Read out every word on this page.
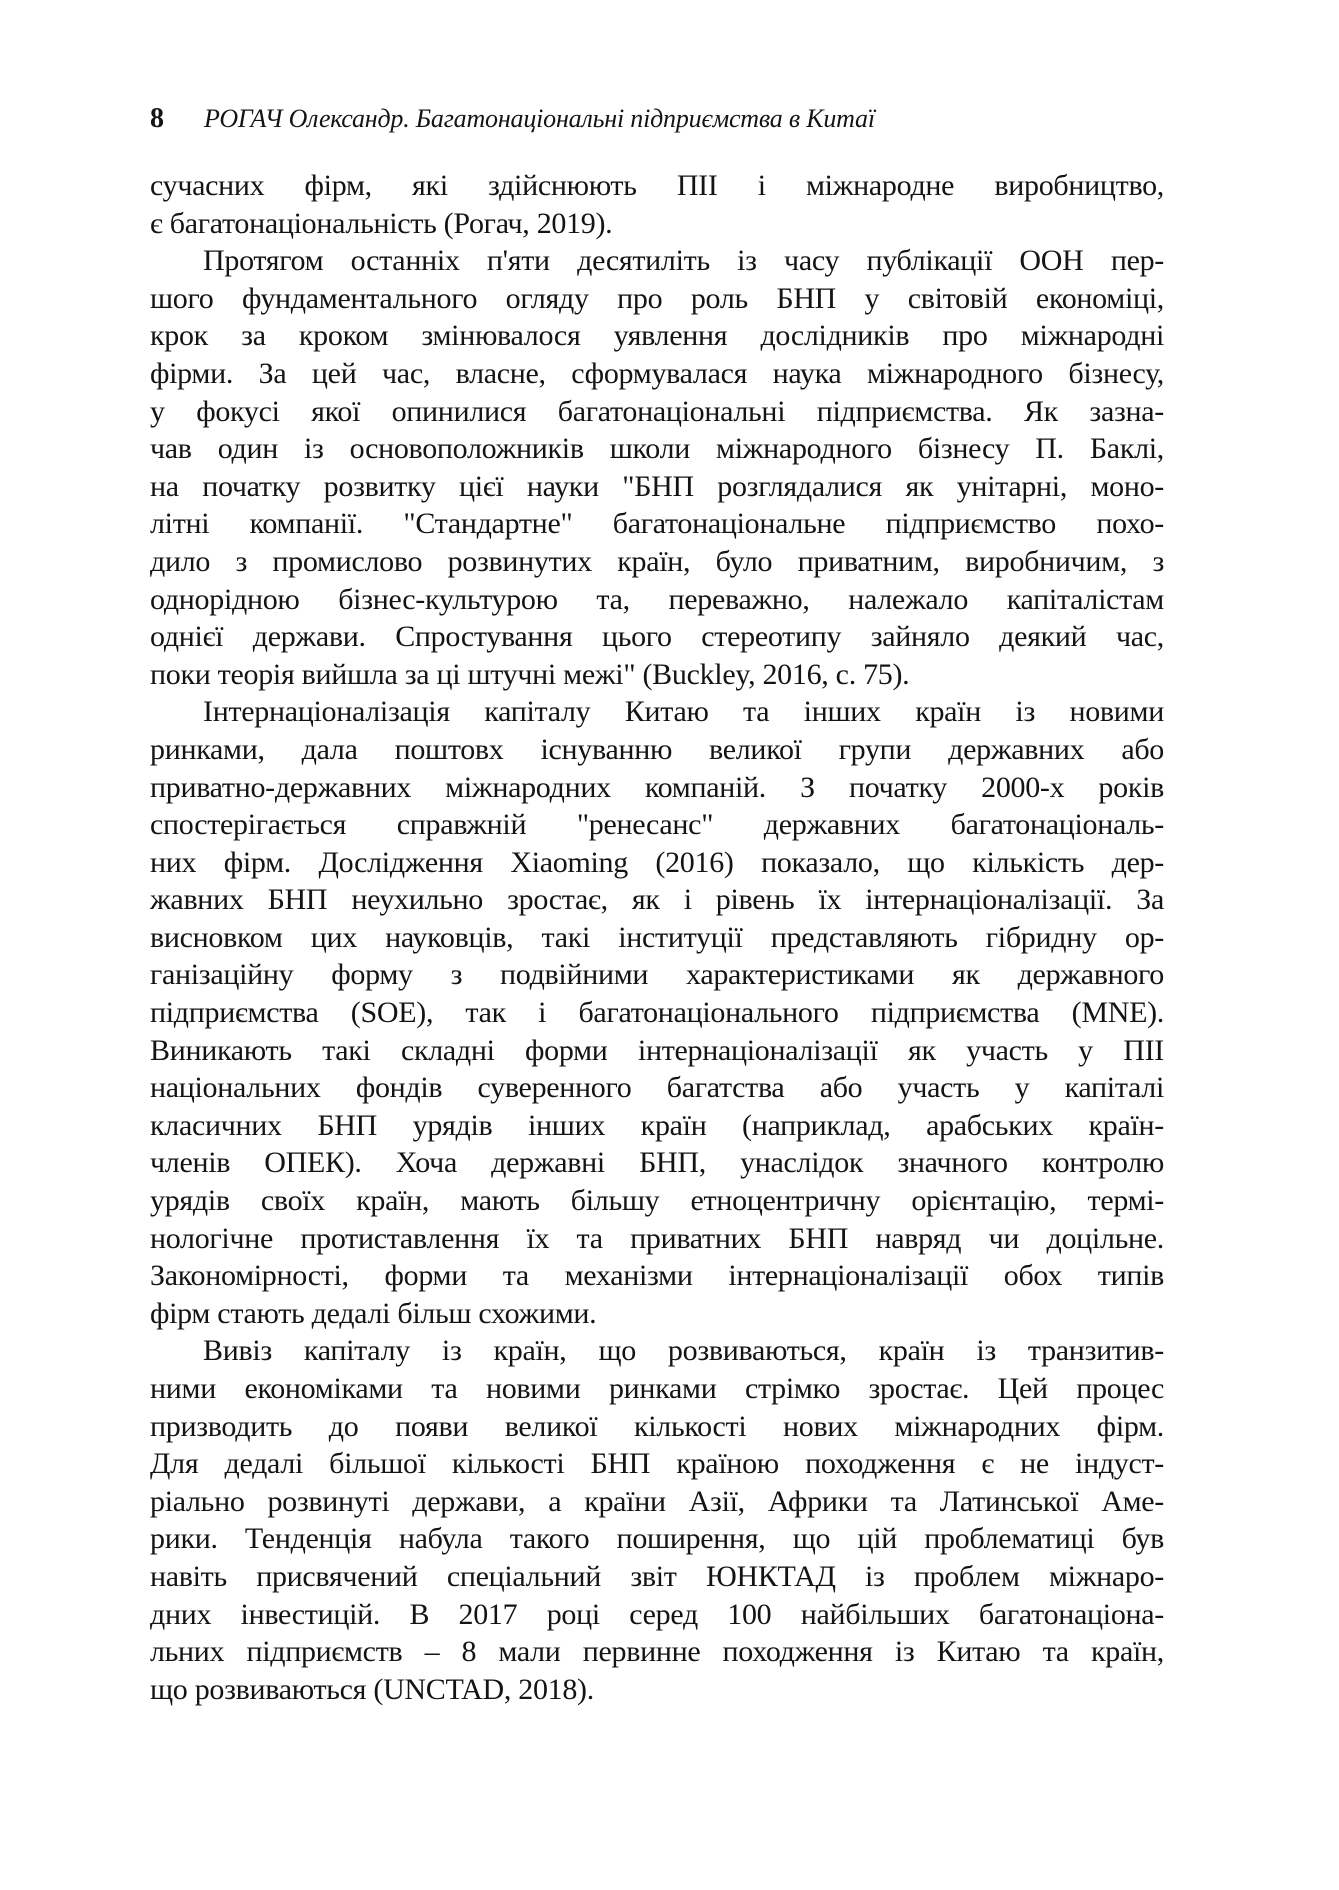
8 РОГАЧ Олександр. Багатонаціональні підприємства в Китаї
сучасних фірм, які здійснюють ПІІ і міжнародне виробництво,
є багатонаціональність (Рогач, 2019).
Протягом останніх п'яти десятиліть із часу публікації ООН пер-
шого фундаментального огляду про роль БНП у світовій економіці,
крок за кроком змінювалося уявлення дослідників про міжнародні
фірми. За цей час, власне, сформувалася наука міжнародного бізнесу,
у фокусі якої опинилися багатонаціональні підприємства. Як зазна-
чав один із основоположників школи міжнародного бізнесу П. Баклі,
на початку розвитку цієї науки "БНП розглядалися як унітарні, моно-
літні компанії. "Стандартне" багатонаціональне підприємство похо-
дило з промислово розвинутих країн, було приватним, виробничим, з
однорідною бізнес-культурою та, переважно, належало капіталістам
однієї держави. Спростування цього стереотипу зайняло деякий час,
поки теорія вийшла за ці штучні межі" (Buckley, 2016, с. 75).
Інтернаціоналізація капіталу Китаю та інших країн із новими
ринками, дала поштовх існуванню великої групи державних або
приватно-державних міжнародних компаній. З початку 2000-х років
спостерігається справжній "ренесанс" державних багатонаціональ-
них фірм. Дослідження Xiaoming (2016) показало, що кількість дер-
жавних БНП неухильно зростає, як і рівень їх інтернаціоналізації. За
висновком цих науковців, такі інституції представляють гібридну ор-
ганізаційну форму з подвійними характеристиками як державного
підприємства (SOE), так і багатонаціонального підприємства (MNE).
Виникають такі складні форми інтернаціоналізації як участь у ПІІ
національних фондів суверенного багатства або участь у капіталі
класичних БНП урядів інших країн (наприклад, арабських країн-
членів ОПЕК). Хоча державні БНП, унаслідок значного контролю
урядів своїх країн, мають більшу етноцентричну орієнтацію, термі-
нологічне протиставлення їх та приватних БНП навряд чи доцільне.
Закономірності, форми та механізми інтернаціоналізації обох типів
фірм стають дедалі більш схожими.
Вивіз капіталу із країн, що розвиваються, країн із транзитив-
ними економіками та новими ринками стрімко зростає. Цей процес
призводить до появи великої кількості нових міжнародних фірм.
Для дедалі більшої кількості БНП країною походження є не індуст-
ріально розвинуті держави, а країни Азії, Африки та Латинської Аме-
рики. Тенденція набула такого поширення, що цій проблематиці був
навіть присвячений спеціальний звіт ЮНКТАД із проблем міжнаро-
дних інвестицій. В 2017 році серед 100 найбільших багатонаціона-
льних підприємств – 8 мали первинне походження із Китаю та країн,
що розвиваються (UNCTAD, 2018).
